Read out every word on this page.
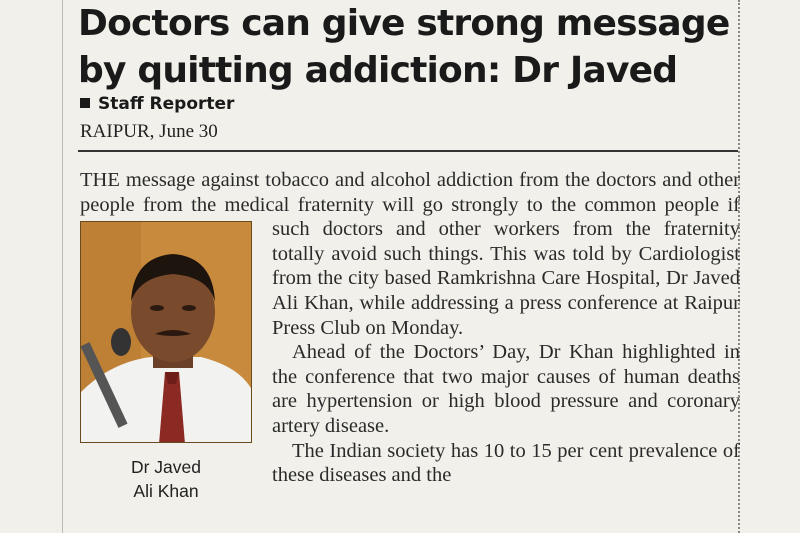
Doctors can give strong message by quitting addiction: Dr Javed
Staff Reporter
RAIPUR, June 30

THE message against tobacco and alcohol addiction from the doctors and other people from the medical fraternity will go strongly to the common people if

Dr Javed
Ali Khan

such doctors and other workers from the fraternity totally avoid such things. This was told by Cardiologist from the city based Ramkrishna Care Hospital, Dr Javed Ali Khan, while addressing a press conference at Raipur Press Club on Monday.

Ahead of the Doctors’ Day, Dr Khan highlighted in the conference that two major causes of human deaths are hypertension or high blood pressure and coronary artery disease.

The Indian society has 10 to 15 per cent prevalence of these diseases and the
